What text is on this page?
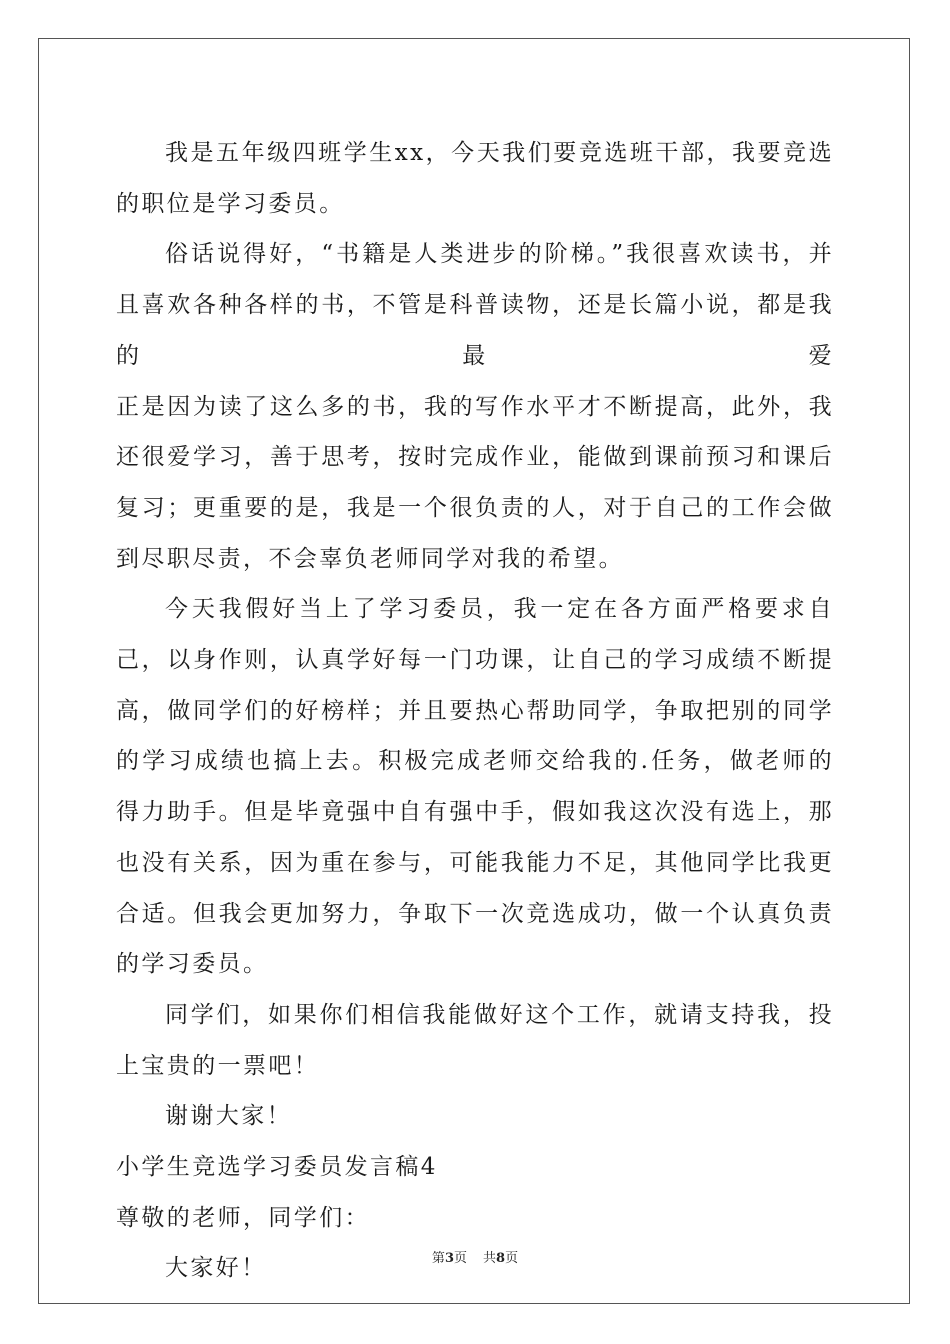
我是五年级四班学生xx，今天我们要竞选班干部，我要竞选的职位是学习委员。

俗话说得好，“书籍是人类进步的阶梯。”我很喜欢读书，并且喜欢各种各样的书，不管是科普读物，还是长篇小说，都是我的最爱

正是因为读了这么多的书，我的写作水平才不断提高，此外，我还很爱学习，善于思考，按时完成作业，能做到课前预习和课后复习；更重要的是，我是一个很负责的人，对于自己的工作会做到尽职尽责，不会辜负老师同学对我的希望。

今天我假好当上了学习委员，我一定在各方面严格要求自己，以身作则，认真学好每一门功课，让自己的学习成绩不断提高，做同学们的好榜样；并且要热心帮助同学，争取把别的同学的学习成绩也搞上去。积极完成老师交给我的.任务，做老师的得力助手。但是毕竟强中自有强中手，假如我这次没有选上，那也没有关系，因为重在参与，可能我能力不足，其他同学比我更合适。但我会更加努力，争取下一次竞选成功，做一个认真负责的学习委员。

同学们，如果你们相信我能做好这个工作，就请支持我，投上宝贵的一票吧！

谢谢大家！

小学生竞选学习委员发言稿4

尊敬的老师，同学们：

大家好！	第3页 共8页
